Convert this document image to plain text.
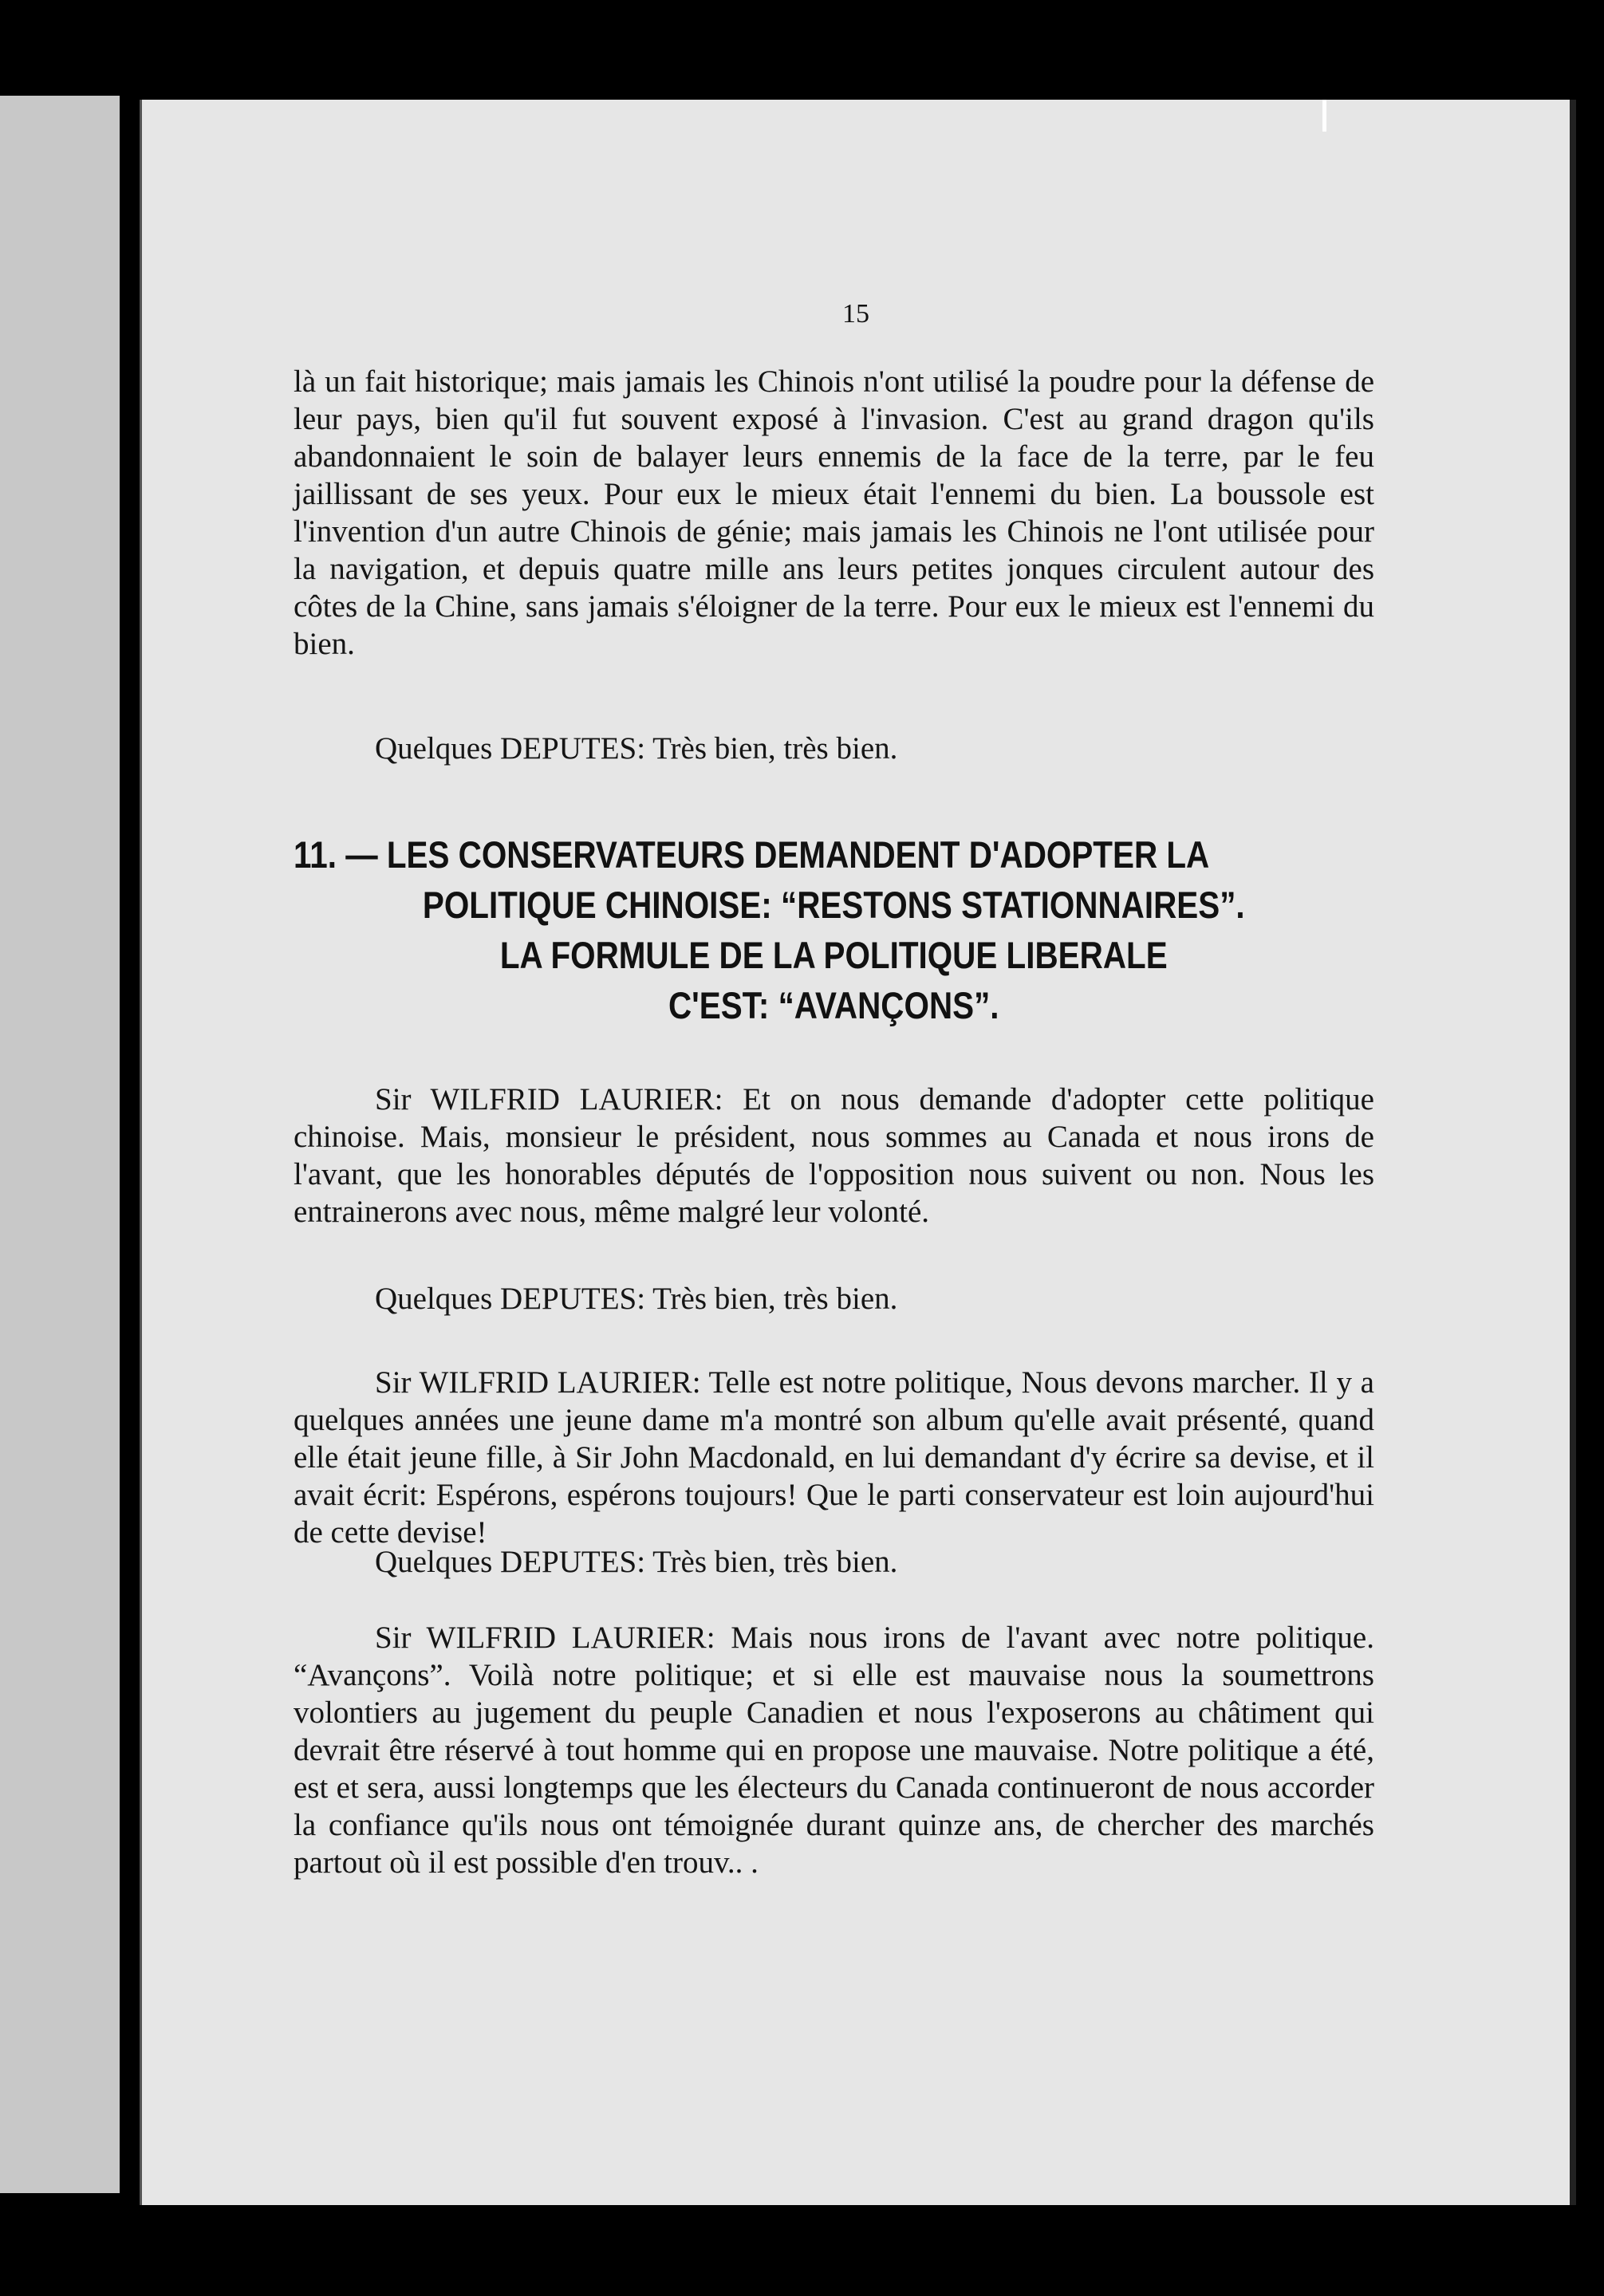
15

là un fait historique; mais jamais les Chinois n'ont utilisé la poudre pour la défense de leur pays, bien qu'il fut souvent exposé à l'invasion. C'est au grand dragon qu'ils abandonnaient le soin de balayer leurs ennemis de la face de la terre, par le feu jaillissant de ses yeux. Pour eux le mieux était l'ennemi du bien. La boussole est l'invention d'un autre Chinois de génie; mais jamais les Chinois ne l'ont utilisée pour la navigation, et depuis quatre mille ans leurs petites jonques circulent autour des côtes de la Chine, sans jamais s'éloigner de la terre. Pour eux le mieux est l'ennemi du bien.

Quelques DEPUTES: Très bien, très bien.

11. — LES CONSERVATEURS DEMANDENT D'ADOPTER LA
POLITIQUE CHINOISE: “RESTONS STATIONNAIRES”.
LA FORMULE DE LA POLITIQUE LIBERALE
C'EST: “AVANÇONS”.

Sir WILFRID LAURIER: Et on nous demande d'adopter cette politique chinoise. Mais, monsieur le président, nous sommes au Canada et nous irons de l'avant, que les honorables députés de l'opposition nous suivent ou non. Nous les entrainerons avec nous, même malgré leur volonté.

Quelques DEPUTES: Très bien, très bien.

Sir WILFRID LAURIER: Telle est notre politique, Nous devons marcher. Il y a quelques années une jeune dame m'a montré son album qu'elle avait présenté, quand elle était jeune fille, à Sir John Macdonald, en lui demandant d'y écrire sa devise, et il avait écrit: Espérons, espérons toujours! Que le parti conservateur est loin aujourd'hui de cette devise!

Quelques DEPUTES: Très bien, très bien.

Sir WILFRID LAURIER: Mais nous irons de l'avant avec notre politique. “Avançons”. Voilà notre politique; et si elle est mauvaise nous la soumettrons volontiers au jugement du peuple Canadien et nous l'exposerons au châtiment qui devrait être réservé à tout homme qui en propose une mauvaise. Notre politique a été, est et sera, aussi longtemps que les électeurs du Canada continueront de nous accorder la confiance qu'ils nous ont témoignée durant quinze ans, de chercher des marchés partout où il est possible d'en trouv.. .
